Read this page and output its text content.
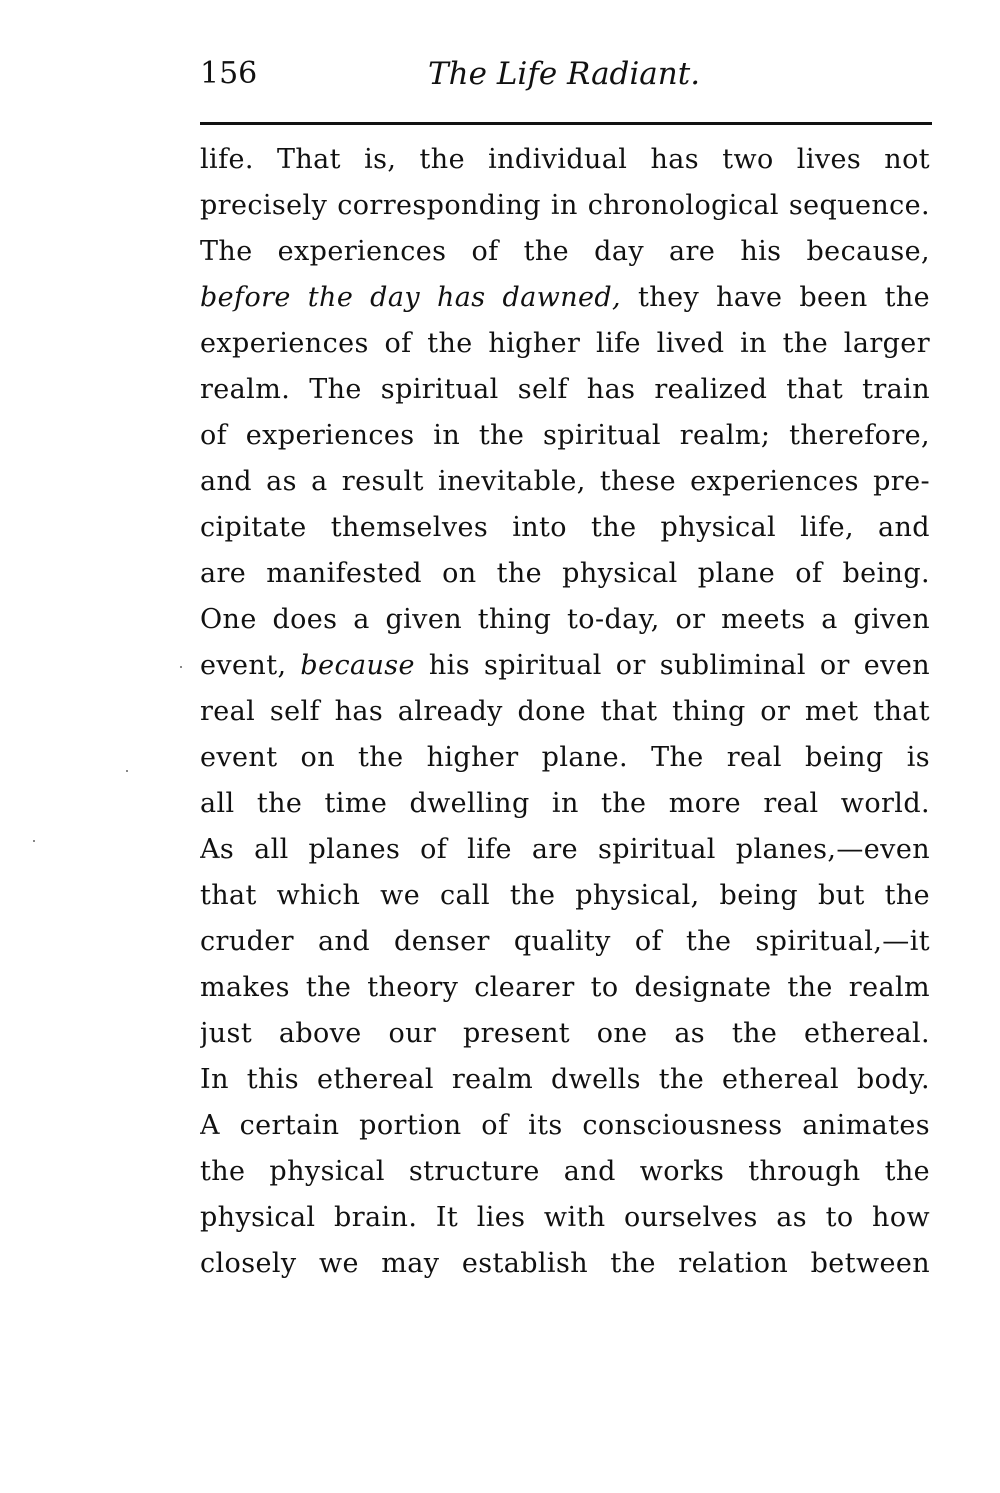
156	The Life Radiant.
life. That is, the individual has two lives not
precisely corresponding in chronological sequence.
The experiences of the day are his because,
before the day has dawned, they have been the
experiences of the higher life lived in the larger
realm. The spiritual self has realized that train
of experiences in the spiritual realm; therefore,
and as a result inevitable, these experiences pre-
cipitate themselves into the physical life, and
are manifested on the physical plane of being.
One does a given thing to-day, or meets a given
event, because his spiritual or subliminal or even
real self has already done that thing or met that
event on the higher plane. The real being is
all the time dwelling in the more real world.
As all planes of life are spiritual planes,—even
that which we call the physical, being but the
cruder and denser quality of the spiritual,—it
makes the theory clearer to designate the realm
just above our present one as the ethereal.
In this ethereal realm dwells the ethereal body.
A certain portion of its consciousness animates
the physical structure and works through the
physical brain. It lies with ourselves as to how
closely we may establish the relation between
